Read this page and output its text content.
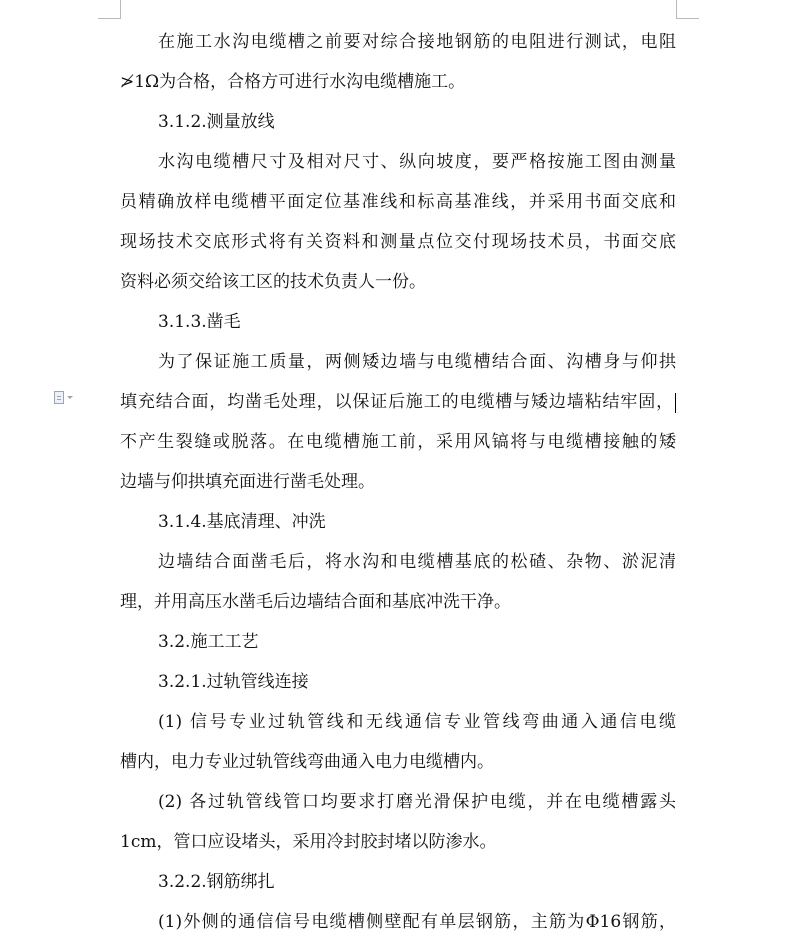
在施工水沟电缆槽之前要对综合接地钢筋的电阻进行测试，电阻
≯1Ω为合格，合格方可进行水沟电缆槽施工。
3.1.2.测量放线
水沟电缆槽尺寸及相对尺寸、纵向坡度，要严格按施工图由测量
员精确放样电缆槽平面定位基准线和标高基准线，并采用书面交底和
现场技术交底形式将有关资料和测量点位交付现场技术员，书面交底
资料必须交给该工区的技术负责人一份。
3.1.3.凿毛
为了保证施工质量，两侧矮边墙与电缆槽结合面、沟槽身与仰拱
填充结合面，均凿毛处理，以保证后施工的电缆槽与矮边墙粘结牢固，
不产生裂缝或脱落。在电缆槽施工前，采用风镐将与电缆槽接触的矮
边墙与仰拱填充面进行凿毛处理。
3.1.4.基底清理、冲洗
边墙结合面凿毛后，将水沟和电缆槽基底的松碴、杂物、淤泥清
理，并用高压水凿毛后边墙结合面和基底冲洗干净。
3.2.施工工艺
3.2.1.过轨管线连接
(1) 信号专业过轨管线和无线通信专业管线弯曲通入通信电缆
槽内，电力专业过轨管线弯曲通入电力电缆槽内。
(2) 各过轨管线管口均要求打磨光滑保护电缆，并在电缆槽露头
1cm，管口应设堵头，采用冷封胶封堵以防渗水。
3.2.2.钢筋绑扎
(1)外侧的通信信号电缆槽侧壁配有单层钢筋，主筋为Φ16钢筋，
